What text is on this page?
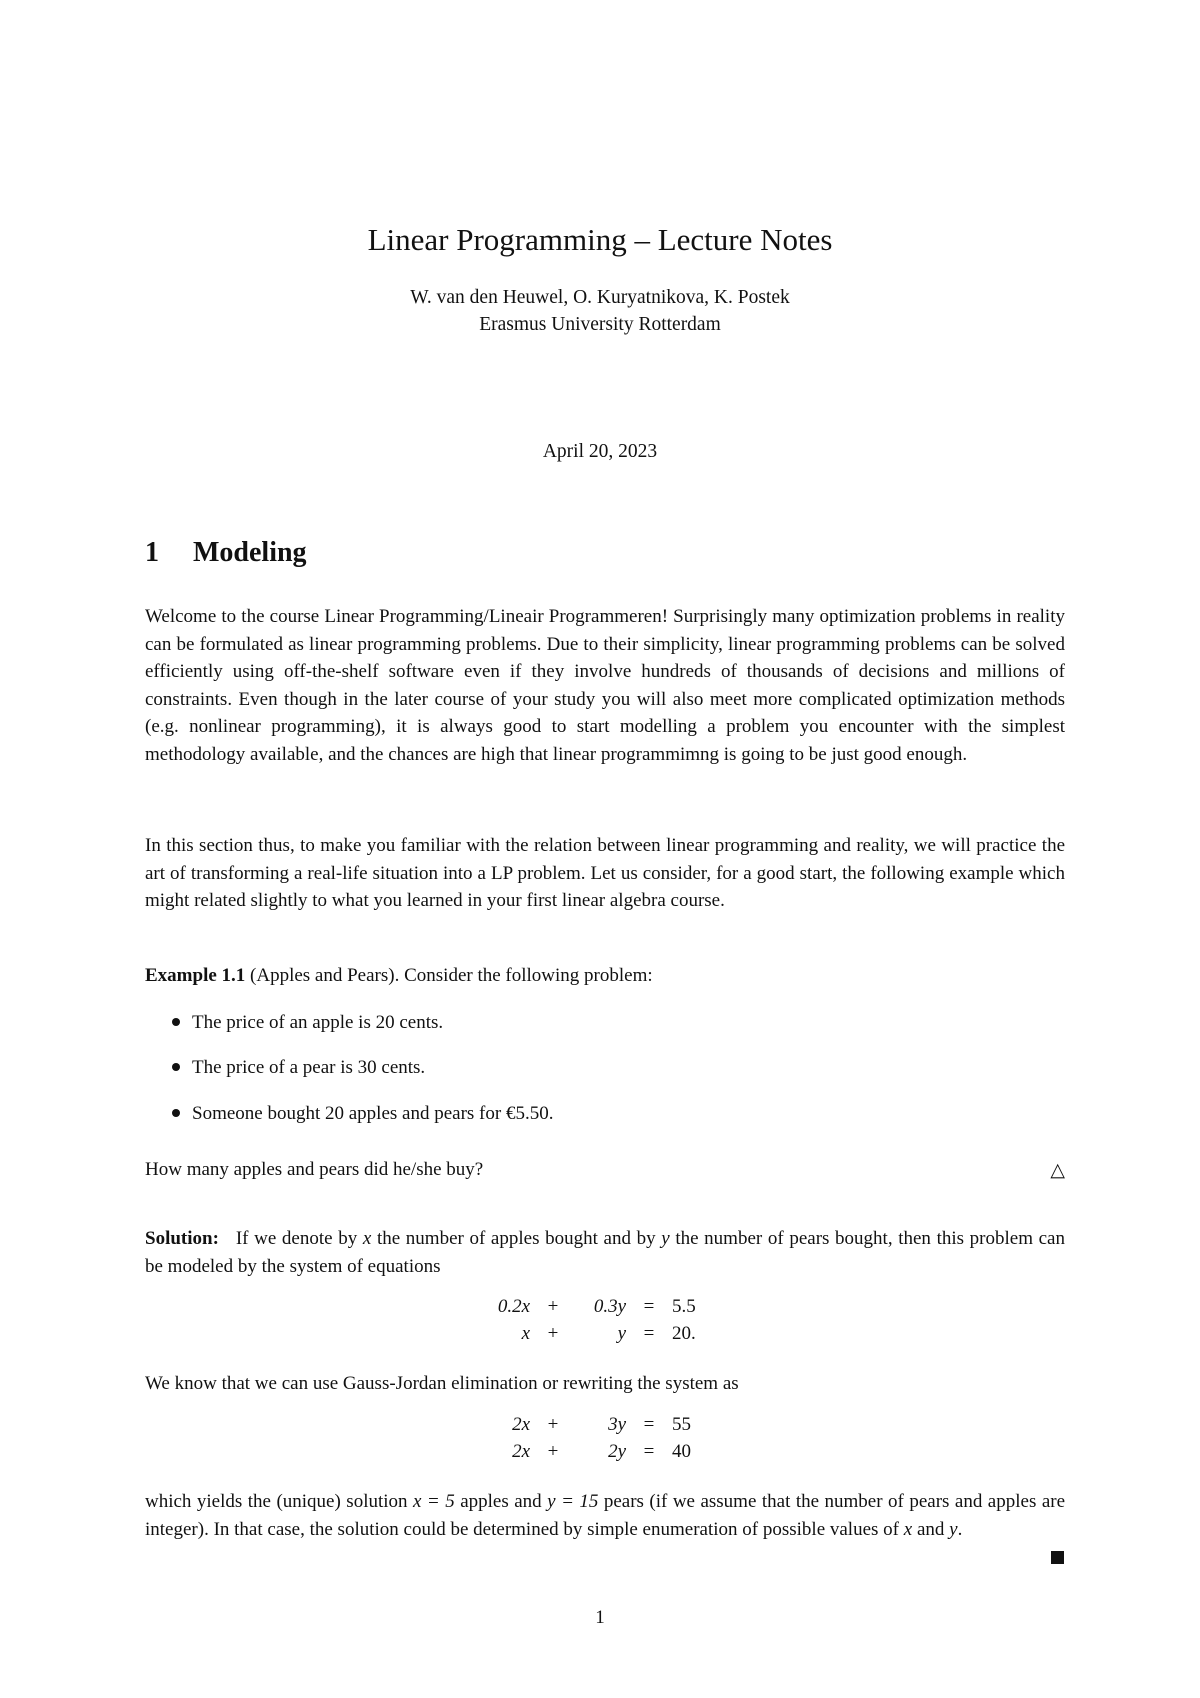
Linear Programming – Lecture Notes
W. van den Heuwel, O. Kuryatnikova, K. Postek
Erasmus University Rotterdam
April 20, 2023
1 Modeling
Welcome to the course Linear Programming/Lineair Programmeren! Surprisingly many optimization problems in reality can be formulated as linear programming problems. Due to their simplicity, linear programming problems can be solved efficiently using off-the-shelf software even if they involve hundreds of thousands of decisions and millions of constraints. Even though in the later course of your study you will also meet more complicated optimization methods (e.g. nonlinear programming), it is always good to start modelling a problem you encounter with the simplest methodology available, and the chances are high that linear programmimng is going to be just good enough.
In this section thus, to make you familiar with the relation between linear programming and reality, we will practice the art of transforming a real-life situation into a LP problem. Let us consider, for a good start, the following example which might related slightly to what you learned in your first linear algebra course.
Example 1.1 (Apples and Pears). Consider the following problem:
The price of an apple is 20 cents.
The price of a pear is 30 cents.
Someone bought 20 apples and pears for €5.50.
How many apples and pears did he/she buy?	△
Solution: If we denote by x the number of apples bought and by y the number of pears bought, then this problem can be modeled by the system of equations
0.2x	+	0.3y	=	5.5
x	+	y	=	20.
We know that we can use Gauss-Jordan elimination or rewriting the system as
2x	+	3y	=	55
2x	+	2y	=	40
which yields the (unique) solution x = 5 apples and y = 15 pears (if we assume that the number of pears and apples are integer). In that case, the solution could be determined by simple enumeration of possible values of x and y.
1
